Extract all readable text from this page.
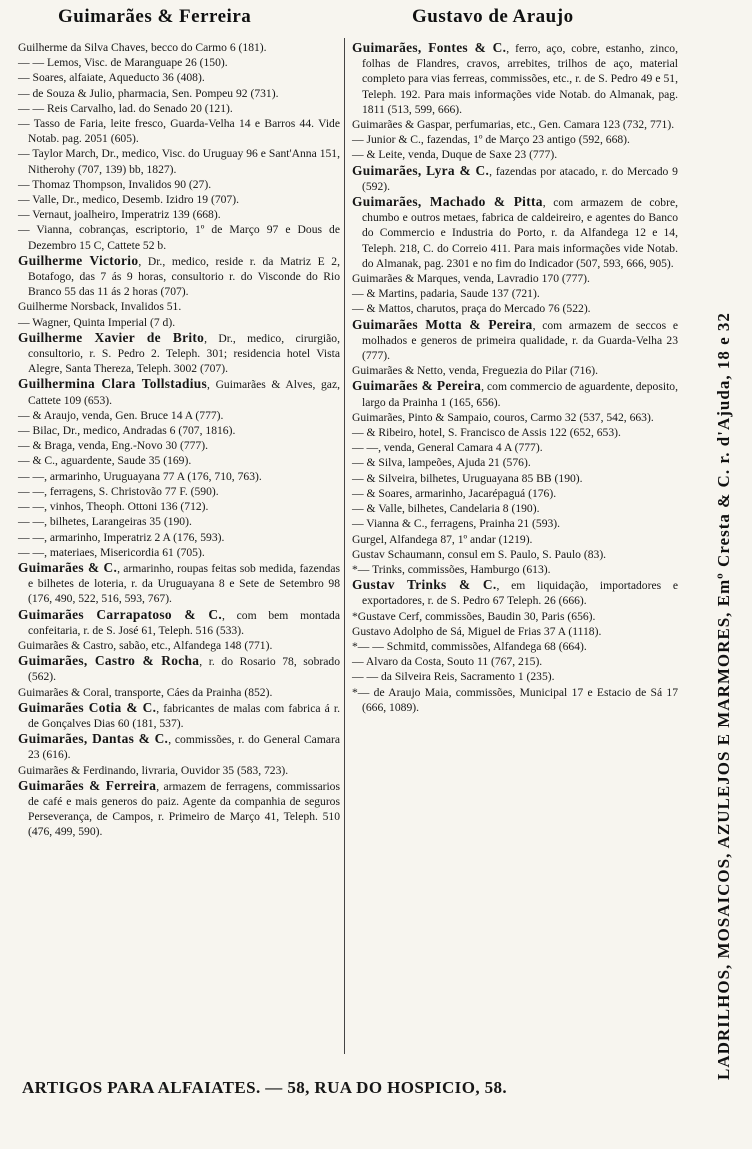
Guimarães & Ferreira	Gustavo de Araujo

Guilherme da Silva Chaves, becco do Carmo 6 (181).

— — Lemos, Visc. de Maranguape 26 (150).

— Soares, alfaiate, Aqueducto 36 (408).

— de Souza & Julio, pharmacia, Sen. Pompeu 92 (731).

— — Reis Carvalho, lad. do Senado 20 (121).

— Tasso de Faria, leite fresco, Guarda-Velha 14 e Barros 44. Vide Notab. pag. 2051 (605).

— Taylor March, Dr., medico, Visc. do Uruguay 96 e Sant'Anna 151, Nitherohy (707, 139) bb, 1827).

— Thomaz Thompson, Invalidos 90 (27).

— Valle, Dr., medico, Desemb. Izidro 19 (707).

— Vernaut, joalheiro, Imperatriz 139 (668).

— Vianna, cobranças, escriptorio, 1º de Março 97 e Dous de Dezembro 15 C, Cattete 52 b.

Guilherme Victorio, Dr., medico, reside r. da Matriz E 2, Botafogo, das 7 ás 9 horas, consultorio r. do Visconde do Rio Branco 55 das 11 ás 2 horas (707).

Guilherme Norsback, Invalidos 51.

— Wagner, Quinta Imperial (7 d).

Guilherme Xavier de Brito, Dr., medico, cirurgião, consultorio, r. S. Pedro 2. Teleph. 301; residencia hotel Vista Alegre, Santa Thereza, Teleph. 3002 (707).

Guilhermina Clara Tollstadius, Guimarães & Alves, gaz, Cattete 109 (653).

— & Araujo, venda, Gen. Bruce 14 A (777).

— Bilac, Dr., medico, Andradas 6 (707, 1816).

— & Braga, venda, Eng.-Novo 30 (777).

— & C., aguardente, Saude 35 (169).

— —, armarinho, Uruguayana 77 A (176, 710, 763).

— —, ferragens, S. Christovão 77 F. (590).

— —, vinhos, Theoph. Ottoni 136 (712).

— —, bilhetes, Larangeiras 35 (190).

— —, armarinho, Imperatriz 2 A (176, 593).

— —, materiaes, Misericordia 61 (705).

Guimarães & C., armarinho, roupas feitas sob medida, fazendas e bilhetes de loteria, r. da Uruguayana 8 e Sete de Setembro 98 (176, 490, 522, 516, 593, 767).

Guimarães Carrapatoso & C., com bem montada confeitaria, r. de S. José 61, Teleph. 516 (533).

Guimarães & Castro, sabão, etc., Alfandega 148 (771).

Guimarães, Castro & Rocha, r. do Rosario 78, sobrado (562).

Guimarães & Coral, transporte, Cáes da Prainha (852).

Guimarães Cotia & C., fabricantes de malas com fabrica á r. de Gonçalves Dias 60 (181, 537).

Guimarães, Dantas & C., commissões, r. do General Camara 23 (616).

Guimarães & Ferdinando, livraria, Ouvidor 35 (583, 723).

Guimarães & Ferreira, armazem de ferragens, commissarios de café e mais generos do paiz. Agente da companhia de seguros Perseverança, de Campos, r. Primeiro de Março 41, Teleph. 510 (476, 499, 590).

Guimarães, Fontes & C., ferro, aço, cobre, estanho, zinco, folhas de Flandres, cravos, arrebites, trilhos de aço, material completo para vias ferreas, commissões, etc., r. de S. Pedro 49 e 51, Teleph. 192. Para mais informações vide Notab. do Almanak, pag. 1811 (513, 599, 666).

Guimarães & Gaspar, perfumarias, etc., Gen. Camara 123 (732, 771).

— Junior & C., fazendas, 1º de Março 23 antigo (592, 668).

— & Leite, venda, Duque de Saxe 23 (777).

Guimarães, Lyra & C., fazendas por atacado, r. do Mercado 9 (592).

Guimarães, Machado & Pitta, com armazem de cobre, chumbo e outros metaes, fabrica de caldeireiro, e agentes do Banco do Commercio e Industria do Porto, r. da Alfandega 12 e 14, Teleph. 218, C. do Correio 411. Para mais informações vide Notab. do Almanak, pag. 2301 e no fim do Indicador (507, 593, 666, 905).

Guimarães & Marques, venda, Lavradio 170 (777).

— & Martins, padaria, Saude 137 (721).

— & Mattos, charutos, praça do Mercado 76 (522).

Guimarães Motta & Pereira, com armazem de seccos e molhados e generos de primeira qualidade, r. da Guarda-Velha 23 (777).

Guimarães & Netto, venda, Freguezia do Pilar (716).

Guimarães & Pereira, com commercio de aguardente, deposito, largo da Prainha 1 (165, 656).

Guimarães, Pinto & Sampaio, couros, Carmo 32 (537, 542, 663).

— & Ribeiro, hotel, S. Francisco de Assis 122 (652, 653).

— —, venda, General Camara 4 A (777).

— & Silva, lampeões, Ajuda 21 (576).

— & Silveira, bilhetes, Uruguayana 85 BB (190).

— & Soares, armarinho, Jacarépaguá (176).

— & Valle, bilhetes, Candelaria 8 (190).

— Vianna & C., ferragens, Prainha 21 (593).

Gurgel, Alfandega 87, 1º andar (1219).

Gustav Schaumann, consul em S. Paulo, S. Paulo (83).

*— Trinks, commissões, Hamburgo (613).

Gustav Trinks & C., em liquidação, importadores e exportadores, r. de S. Pedro 67 Teleph. 26 (666).

*Gustave Cerf, commissões, Baudin 30, Paris (656).

Gustavo Adolpho de Sá, Miguel de Frias 37 A (1118).

*— — Schmitd, commissões, Alfandega 68 (664).

— Alvaro da Costa, Souto 11 (767, 215).

— — da Silveira Reis, Sacramento 1 (235).

*— de Araujo Maia, commissões, Municipal 17 e Estacio de Sá 17 (666, 1089).	LADRILHOS, MOSAICOS, AZULEJOS E MARMORES, Emº Cresta & C. r. d'Ajuda, 18 e 32
ARTIGOS PARA ALFAIATES. — 58, RUA DO HOSPICIO, 58.
